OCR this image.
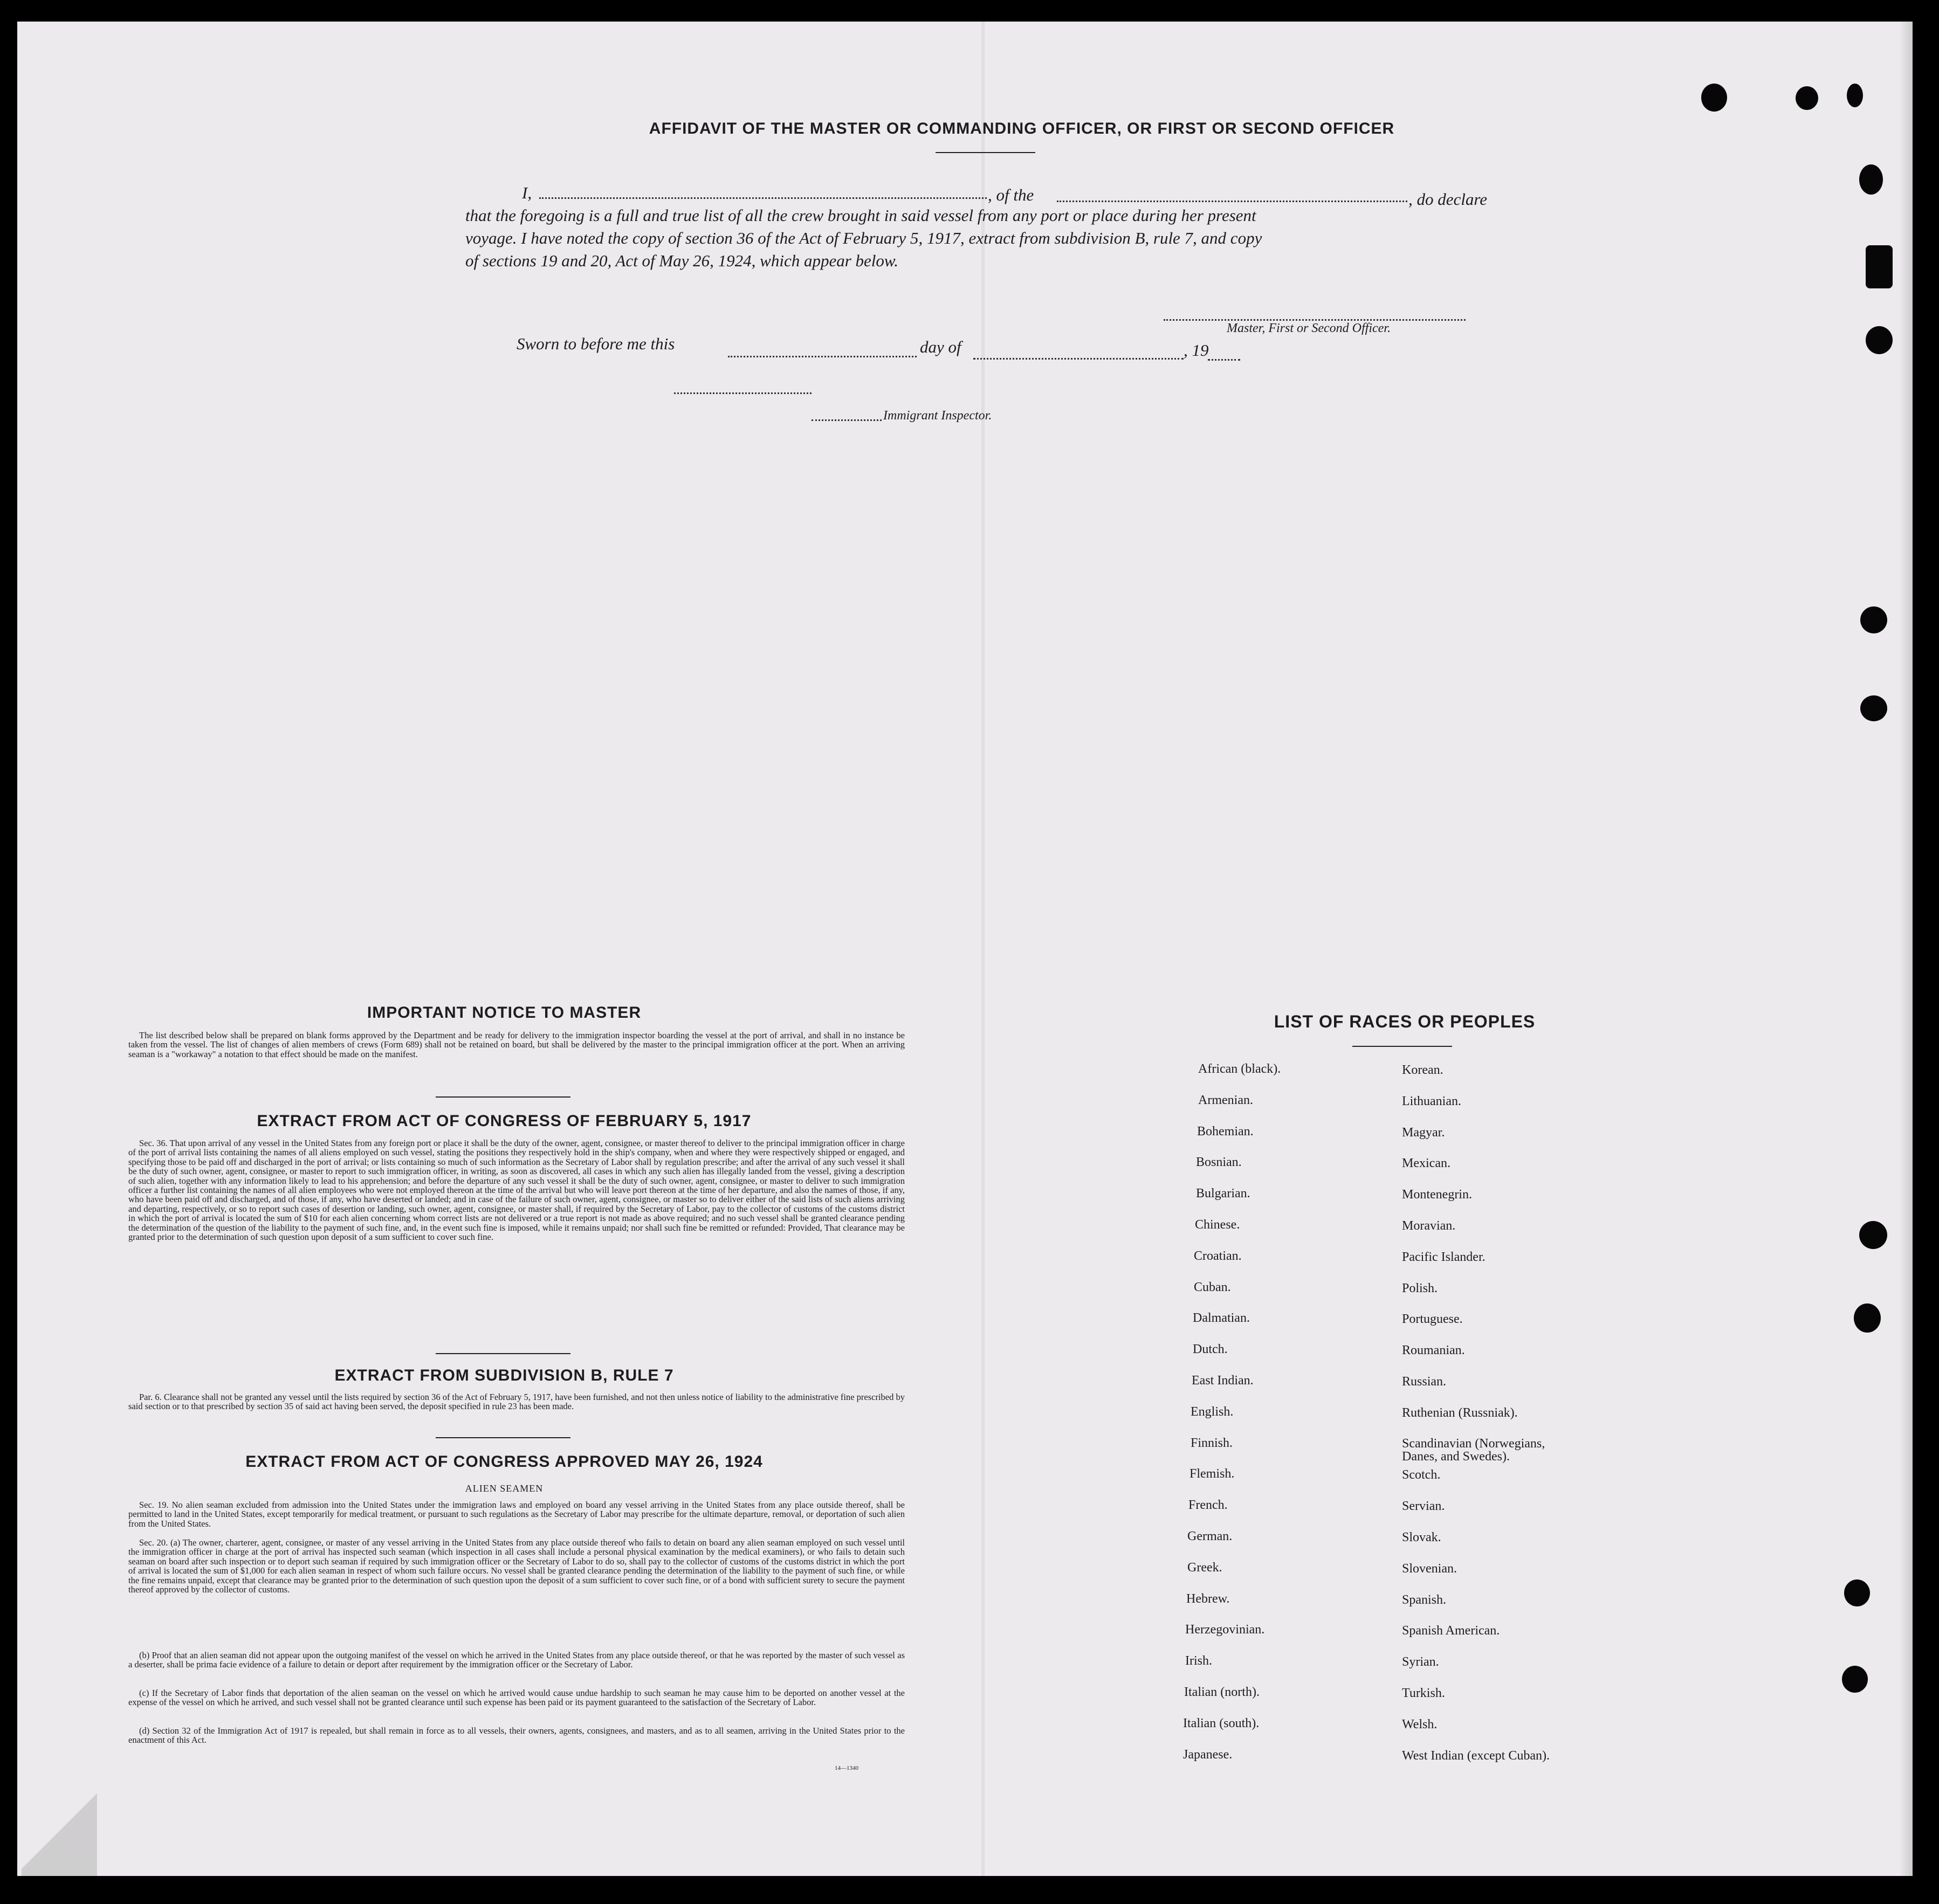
AFFIDAVIT OF THE MASTER OR COMMANDING OFFICER, OR FIRST OR SECOND OFFICER
I,	, of the	, do declare
that the foregoing is a full and true list of all the crew brought in said vessel from any port or place during her present
voyage. I have noted the copy of section 36 of the Act of February 5, 1917, extract from subdivision B, rule 7, and copy
of sections 19 and 20, Act of May 26, 1924, which appear below.
Master, First or Second Officer.
Sworn to before me this	day of	, 19
Immigrant Inspector.
IMPORTANT NOTICE TO MASTER
The list described below shall be prepared on blank forms approved by the Department and be ready for delivery to the immigration inspector boarding the vessel at the port of arrival, and shall in no instance be taken from the vessel. The list of changes of alien members of crews (Form 689) shall not be retained on board, but shall be delivered by the master to the principal immigration officer at the port. When an arriving seaman is a "workaway" a notation to that effect should be made on the manifest.
EXTRACT FROM ACT OF CONGRESS OF FEBRUARY 5, 1917
Sec. 36. That upon arrival of any vessel in the United States from any foreign port or place it shall be the duty of the owner, agent, consignee, or master thereof to deliver to the principal immigration officer in charge of the port of arrival lists containing the names of all aliens employed on such vessel, stating the positions they respectively hold in the ship's company, when and where they were respectively shipped or engaged, and specifying those to be paid off and discharged in the port of arrival; or lists containing so much of such information as the Secretary of Labor shall by regulation prescribe; and after the arrival of any such vessel it shall be the duty of such owner, agent, consignee, or master to report to such immigration officer, in writing, as soon as discovered, all cases in which any such alien has illegally landed from the vessel, giving a description of such alien, together with any information likely to lead to his apprehension; and before the departure of any such vessel it shall be the duty of such owner, agent, consignee, or master to deliver to such immigration officer a further list containing the names of all alien employees who were not employed thereon at the time of the arrival but who will leave port thereon at the time of her departure, and also the names of those, if any, who have been paid off and discharged, and of those, if any, who have deserted or landed; and in case of the failure of such owner, agent, consignee, or master so to deliver either of the said lists of such aliens arriving and departing, respectively, or so to report such cases of desertion or landing, such owner, agent, consignee, or master shall, if required by the Secretary of Labor, pay to the collector of customs of the customs district in which the port of arrival is located the sum of $10 for each alien concerning whom correct lists are not delivered or a true report is not made as above required; and no such vessel shall be granted clearance pending the determination of the question of the liability to the payment of such fine, and, in the event such fine is imposed, while it remains unpaid; nor shall such fine be remitted or refunded: Provided, That clearance may be granted prior to the determination of such question upon deposit of a sum sufficient to cover such fine.
EXTRACT FROM SUBDIVISION B, RULE 7
Par. 6. Clearance shall not be granted any vessel until the lists required by section 36 of the Act of February 5, 1917, have been furnished, and not then unless notice of liability to the administrative fine prescribed by said section or to that prescribed by section 35 of said act having been served, the deposit specified in rule 23 has been made.
EXTRACT FROM ACT OF CONGRESS APPROVED MAY 26, 1924
ALIEN SEAMEN
Sec. 19. No alien seaman excluded from admission into the United States under the immigration laws and employed on board any vessel arriving in the United States from any place outside thereof, shall be permitted to land in the United States, except temporarily for medical treatment, or pursuant to such regulations as the Secretary of Labor may prescribe for the ultimate departure, removal, or deportation of such alien from the United States.
Sec. 20. (a) The owner, charterer, agent, consignee, or master of any vessel arriving in the United States from any place outside thereof who fails to detain on board any alien seaman employed on such vessel until the immigration officer in charge at the port of arrival has inspected such seaman (which inspection in all cases shall include a personal physical examination by the medical examiners), or who fails to detain such seaman on board after such inspection or to deport such seaman if required by such immigration officer or the Secretary of Labor to do so, shall pay to the collector of customs of the customs district in which the port of arrival is located the sum of $1,000 for each alien seaman in respect of whom such failure occurs. No vessel shall be granted clearance pending the determination of the liability to the payment of such fine, or while the fine remains unpaid, except that clearance may be granted prior to the determination of such question upon the deposit of a sum sufficient to cover such fine, or of a bond with sufficient surety to secure the payment thereof approved by the collector of customs.
(b) Proof that an alien seaman did not appear upon the outgoing manifest of the vessel on which he arrived in the United States from any place outside thereof, or that he was reported by the master of such vessel as a deserter, shall be prima facie evidence of a failure to detain or deport after requirement by the immigration officer or the Secretary of Labor.
(c) If the Secretary of Labor finds that deportation of the alien seaman on the vessel on which he arrived would cause undue hardship to such seaman he may cause him to be deported on another vessel at the expense of the vessel on which he arrived, and such vessel shall not be granted clearance until such expense has been paid or its payment guaranteed to the satisfaction of the Secretary of Labor.
(d) Section 32 of the Immigration Act of 1917 is repealed, but shall remain in force as to all vessels, their owners, agents, consignees, and masters, and as to all seamen, arriving in the United States prior to the enactment of this Act.
14—1340
LIST OF RACES OR PEOPLES
African (black).
Armenian.
Bohemian.
Bosnian.
Bulgarian.
Chinese.
Croatian.
Cuban.
Dalmatian.
Dutch.
East Indian.
English.
Finnish.
Flemish.
French.
German.
Greek.
Hebrew.
Herzegovinian.
Irish.
Italian (north).
Italian (south).
Japanese.
Korean.
Lithuanian.
Magyar.
Mexican.
Montenegrin.
Moravian.
Pacific Islander.
Polish.
Portuguese.
Roumanian.
Russian.
Ruthenian (Russniak).
Scandinavian (Norwegians,
Danes, and Swedes).
Scotch.
Servian.
Slovak.
Slovenian.
Spanish.
Spanish American.
Syrian.
Turkish.
Welsh.
West Indian (except Cuban).
